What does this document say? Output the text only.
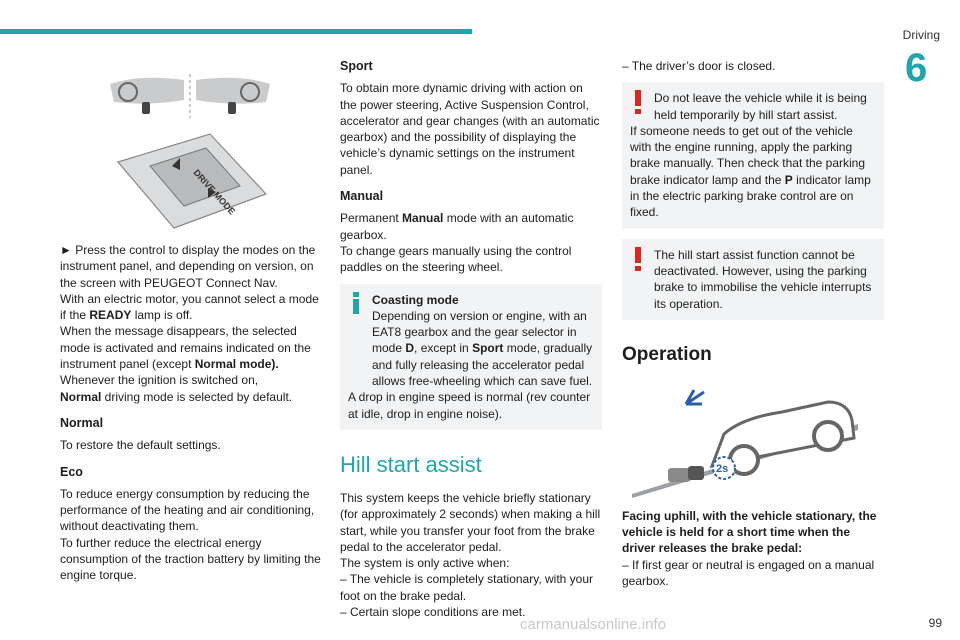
Driving
6
DRIVE MODE

► Press the control to display the modes on the instrument panel, and depending on version, on the screen with PEUGEOT Connect Nav.

With an electric motor, you cannot select a mode if the READY lamp is off.

When the message disappears, the selected mode is activated and remains indicated on the instrument panel (except Normal mode).

Whenever the ignition is switched on,
Normal driving mode is selected by default.

Normal

To restore the default settings.

Eco

To reduce energy consumption by reducing the performance of the heating and air conditioning, without deactivating them.

To further reduce the electrical energy consumption of the traction battery by limiting the engine torque.

Sport

To obtain more dynamic driving with action on the power steering, Active Suspension Control, accelerator and gear changes (with an automatic gearbox) and the possibility of displaying the vehicle’s dynamic settings on the instrument panel.

Manual

Permanent Manual mode with an automatic gearbox.

To change gears manually using the control paddles on the steering wheel.

Coasting mode

Depending on version or engine, with an EAT8 gearbox and the gear selector in mode D, except in Sport mode, gradually and fully releasing the accelerator pedal allows free-wheeling which can save fuel.

A drop in engine speed is normal (rev counter at idle, drop in engine noise).

Hill start assist

This system keeps the vehicle briefly stationary (for approximately 2 seconds) when making a hill start, while you transfer your foot from the brake pedal to the accelerator pedal.

The system is only active when:

– The vehicle is completely stationary, with your foot on the brake pedal.

– Certain slope conditions are met.

– The driver’s door is closed.

Do not leave the vehicle while it is being held temporarily by hill start assist.

If someone needs to get out of the vehicle with the engine running, apply the parking brake manually. Then check that the parking brake indicator lamp and the P indicator lamp in the electric parking brake control are on fixed.

The hill start assist function cannot be deactivated. However, using the parking brake to immobilise the vehicle interrupts its operation.

Operation
2s

Facing uphill, with the vehicle stationary, the vehicle is held for a short time when the driver releases the brake pedal:

– If first gear or neutral is engaged on a manual gearbox.

carmanualsonline.info	99
